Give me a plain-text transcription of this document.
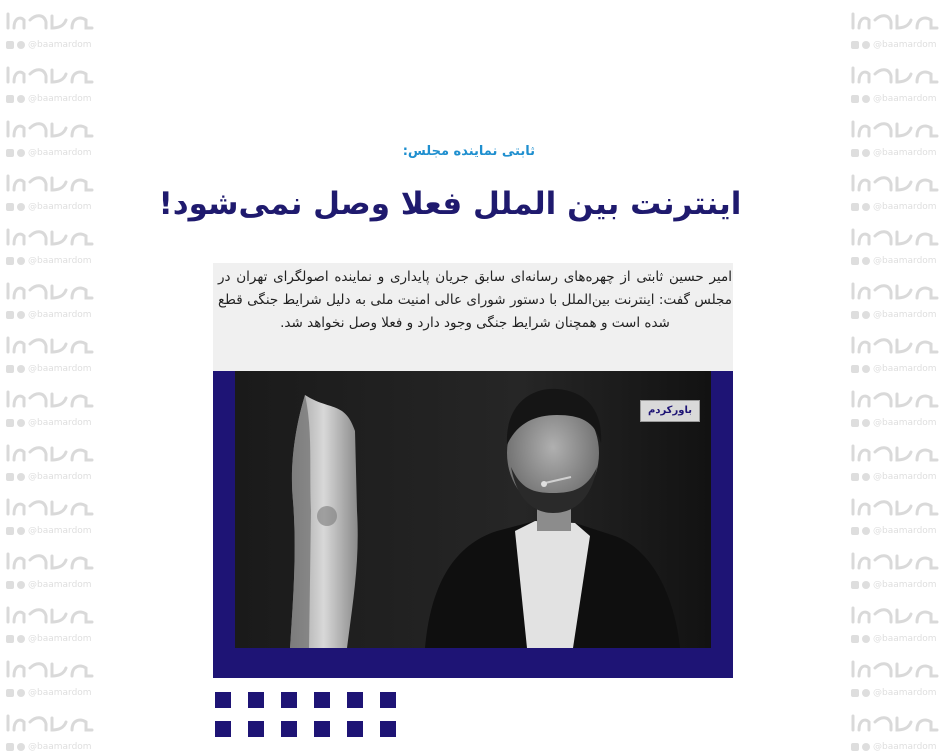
@baamardom
@baamardom
@baamardom
@baamardom
@baamardom
@baamardom
@baamardom
@baamardom
@baamardom
@baamardom
@baamardom
@baamardom
@baamardom
@baamardom
@baamardom
@baamardom
@baamardom
@baamardom
@baamardom
@baamardom
@baamardom
@baamardom
@baamardom
@baamardom
@baamardom
@baamardom
@baamardom
@baamardom
ثابتی نماینده مجلس:
اینترنت بین الملل فعلا وصل نمی‌شود!

امیر حسین ثابتی از چهره‌های رسانه‌ای سابق جریان پایداری و نماینده اصولگرای تهران در مجلس گفت: اینترنت بین‌الملل با دستور شورای عالی امنیت ملی به دلیل شرایط جنگی قطع شده است و همچنان شرایط جنگی وجود دارد و فعلا وصل نخواهد شد.

باورکردم
